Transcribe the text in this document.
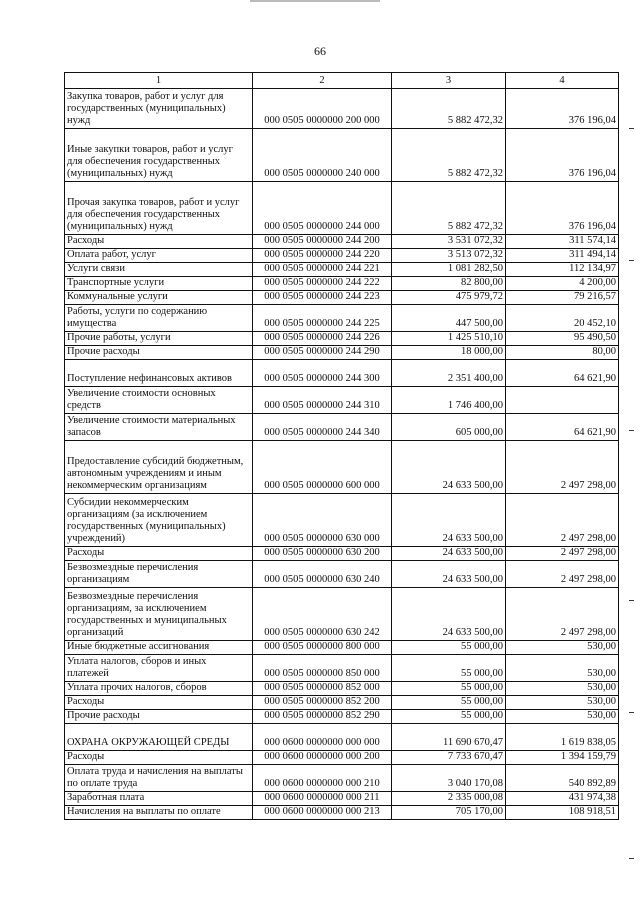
66
1	2	3	4
Закупка товаров, работ и услуг для государственных (муниципальных) нужд	000 0505 0000000 200 000	5 882 472,32	376 196,04
Иные закупки товаров, работ и услуг для обеспечения государственных (муниципальных) нужд	000 0505 0000000 240 000	5 882 472,32	376 196,04
Прочая закупка товаров, работ и услуг для обеспечения государственных (муниципальных) нужд	000 0505 0000000 244 000	5 882 472,32	376 196,04
Расходы	000 0505 0000000 244 200	3 531 072,32	311 574,14
Оплата работ, услуг	000 0505 0000000 244 220	3 513 072,32	311 494,14
Услуги связи	000 0505 0000000 244 221	1 081 282,50	112 134,97
Транспортные услуги	000 0505 0000000 244 222	82 800,00	4 200,00
Коммунальные услуги	000 0505 0000000 244 223	475 979,72	79 216,57
Работы, услуги по содержанию имущества	000 0505 0000000 244 225	447 500,00	20 452,10
Прочие работы, услуги	000 0505 0000000 244 226	1 425 510,10	95 490,50
Прочие расходы	000 0505 0000000 244 290	18 000,00	80,00
Поступление нефинансовых активов	000 0505 0000000 244 300	2 351 400,00	64 621,90
Увеличение стоимости основных средств	000 0505 0000000 244 310	1 746 400,00	
Увеличение стоимости материальных запасов	000 0505 0000000 244 340	605 000,00	64 621,90
Предоставление субсидий бюджетным, автономным учреждениям и иным некоммерческим организациям	000 0505 0000000 600 000	24 633 500,00	2 497 298,00
Субсидии некоммерческим организациям (за исключением государственных (муниципальных) учреждений)	000 0505 0000000 630 000	24 633 500,00	2 497 298,00
Расходы	000 0505 0000000 630 200	24 633 500,00	2 497 298,00
Безвозмездные перечисления организациям	000 0505 0000000 630 240	24 633 500,00	2 497 298,00
Безвозмездные перечисления организациям, за исключением государственных и муниципальных организаций	000 0505 0000000 630 242	24 633 500,00	2 497 298,00
Иные бюджетные ассигнования	000 0505 0000000 800 000	55 000,00	530,00
Уплата налогов, сборов и иных платежей	000 0505 0000000 850 000	55 000,00	530,00
Уплата прочих налогов, сборов	000 0505 0000000 852 000	55 000,00	530,00
Расходы	000 0505 0000000 852 200	55 000,00	530,00
Прочие расходы	000 0505 0000000 852 290	55 000,00	530,00
ОХРАНА ОКРУЖАЮЩЕЙ СРЕДЫ	000 0600 0000000 000 000	11 690 670,47	1 619 838,05
Расходы	000 0600 0000000 000 200	7 733 670,47	1 394 159,79
Оплата труда и начисления на выплаты по оплате труда	000 0600 0000000 000 210	3 040 170,08	540 892,89
Заработная плата	000 0600 0000000 000 211	2 335 000,08	431 974,38
Начисления на выплаты по оплате	000 0600 0000000 000 213	705 170,00	108 918,51
